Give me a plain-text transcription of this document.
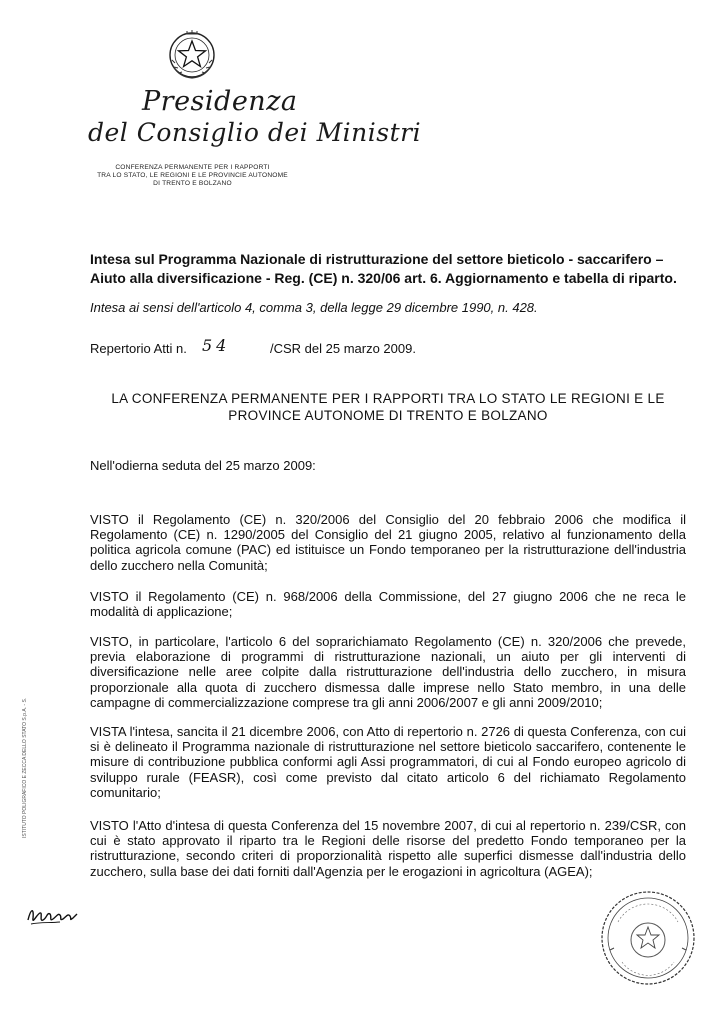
Presidenza
del Consiglio dei Ministri
CONFERENZA PERMANENTE PER I RAPPORTI
TRA LO STATO, LE REGIONI E LE PROVINCIE AUTONOME
DI TRENTO E BOLZANO
Intesa sul Programma Nazionale di ristrutturazione del settore bieticolo - saccarifero – Aiuto alla diversificazione - Reg. (CE) n. 320/06 art. 6. Aggiornamento e tabella di riparto.
Intesa ai sensi dell'articolo 4, comma 3, della legge 29 dicembre 1990, n. 428.
Repertorio Atti n. 54	/CSR del 25 marzo 2009.
LA CONFERENZA PERMANENTE PER I RAPPORTI TRA LO STATO LE REGIONI E LE
PROVINCE AUTONOME DI TRENTO E BOLZANO
Nell'odierna seduta del 25 marzo 2009:
VISTO il Regolamento (CE) n. 320/2006 del Consiglio del 20 febbraio 2006 che modifica il Regolamento (CE) n. 1290/2005 del Consiglio del 21 giugno 2005, relativo al funzionamento della politica agricola comune (PAC) ed istituisce un Fondo temporaneo per la ristrutturazione dell'industria dello zucchero nella Comunità;
VISTO il Regolamento (CE) n. 968/2006 della Commissione, del 27 giugno 2006 che ne reca le modalità di applicazione;
VISTO, in particolare, l'articolo 6 del soprarichiamato Regolamento (CE) n. 320/2006 che prevede, previa elaborazione di programmi di ristrutturazione nazionali, un aiuto per gli interventi di diversificazione nelle aree colpite dalla ristrutturazione dell'industria dello zucchero, in misura proporzionale alla quota di zucchero dismessa dalle imprese nello Stato membro, in una delle campagne di commercializzazione comprese tra gli anni 2006/2007 e gli anni 2009/2010;
VISTA l'intesa, sancita il 21 dicembre 2006, con Atto di repertorio n. 2726 di questa Conferenza, con cui si è delineato il Programma nazionale di ristrutturazione nel settore bieticolo saccarifero, contenente le misure di contribuzione pubblica conformi agli Assi programmatori, di cui al Fondo europeo agricolo di sviluppo rurale (FEASR), così come previsto dal citato articolo 6 del richiamato Regolamento comunitario;
VISTO l'Atto d'intesa di questa Conferenza del 15 novembre 2007, di cui al repertorio n. 239/CSR, con cui è stato approvato il riparto tra le Regioni delle risorse del predetto Fondo temporaneo per la ristrutturazione, secondo criteri di proporzionalità rispetto alle superfici dismesse dall'industria dello zucchero, sulla base dei dati forniti dall'Agenzia per le erogazioni in agricoltura (AGEA);
ISTITUTO POLIGRAFICO E ZECCA DELLO STATO S.p.A. - S.
